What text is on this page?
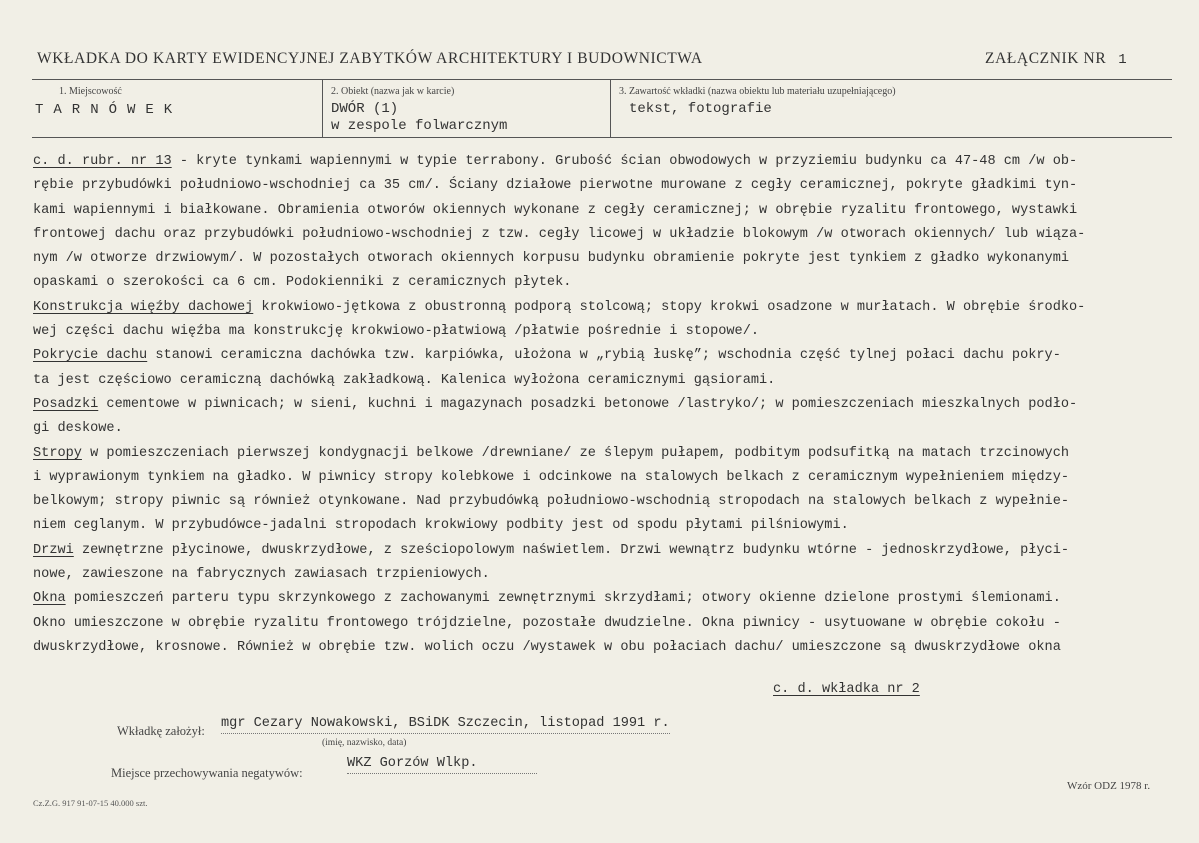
WKŁADKA DO KARTY EWIDENCYJNEJ ZABYTKÓW ARCHITEKTURY I BUDOWNICTWA	ZAŁĄCZNIK NR 1
1. Miejscowość
TARNÓWEK
2. Obiekt (nazwa jak w karcie)
DWÓR (1)
w zespole folwarcznym
3. Zawartość wkładki (nazwa obiektu lub materiału uzupełniającego)
tekst, fotografie
c. d. rubr. nr 13 - kryte tynkami wapiennymi w typie terrabony. Grubość ścian obwodowych w przyziemiu budynku ca 47-48 cm /w ob-
rębie przybudówki południowo-wschodniej ca 35 cm/. Ściany działowe pierwotne murowane z cegły ceramicznej, pokryte gładkimi tyn-
kami wapiennymi i białkowane. Obramienia otworów okiennych wykonane z cegły ceramicznej; w obrębie ryzalitu frontowego, wystawki
frontowej dachu oraz przybudówki południowo-wschodniej z tzw. cegły licowej w układzie blokowym /w otworach okiennych/ lub wiąza-
nym /w otworze drzwiowym/. W pozostałych otworach okiennych korpusu budynku obramienie pokryte jest tynkiem z gładko wykonanymi
opaskami o szerokości ca 6 cm. Podokienniki z ceramicznych płytek.
Konstrukcja więźby dachowej krokwiowo-jętkowa z obustronną podporą stolcową; stopy krokwi osadzone w murłatach. W obrębie środko-
wej części dachu więźba ma konstrukcję krokwiowo-płatwiową /płatwie pośrednie i stopowe/.
Pokrycie dachu stanowi ceramiczna dachówka tzw. karpiówka, ułożona w „rybią łuskę”; wschodnia część tylnej połaci dachu pokry-
ta jest częściowo ceramiczną dachówką zakładkową. Kalenica wyłożona ceramicznymi gąsiorami.
Posadzki cementowe w piwnicach; w sieni, kuchni i magazynach posadzki betonowe /lastryko/; w pomieszczeniach mieszkalnych podło-
gi deskowe.
Stropy w pomieszczeniach pierwszej kondygnacji belkowe /drewniane/ ze ślepym pułapem, podbitym podsufitką na matach trzcinowych
i wyprawionym tynkiem na gładko. W piwnicy stropy kolebkowe i odcinkowe na stalowych belkach z ceramicznym wypełnieniem między-
belkowym; stropy piwnic są również otynkowane. Nad przybudówką południowo-wschodnią stropodach na stalowych belkach z wypełnie-
niem ceglanym. W przybudówce-jadalni stropodach krokwiowy podbity jest od spodu płytami pilśniowymi.
Drzwi zewnętrzne płycinowe, dwuskrzydłowe, z sześciopolowym naświetlem. Drzwi wewnątrz budynku wtórne - jednoskrzydłowe, płyci-
nowe, zawieszone na fabrycznych zawiasach trzpieniowych.
Okna pomieszczeń parteru typu skrzynkowego z zachowanymi zewnętrznymi skrzydłami; otwory okienne dzielone prostymi ślemionami.
Okno umieszczone w obrębie ryzalitu frontowego trójdzielne, pozostałe dwudzielne. Okna piwnicy - usytuowane w obrębie cokołu -
dwuskrzydłowe, krosnowe. Również w obrębie tzw. wolich oczu /wystawek w obu połaciach dachu/ umieszczone są dwuskrzydłowe okna
c. d. wkładka nr 2
Wkładkę założył: mgr Cezary Nowakowski, BSiDK Szczecin, listopad 1991 r.
(imię, nazwisko, data)
Miejsce przechowywania negatywów:
WKZ Gorzów Wlkp.
Cz.Z.G. 917 91-07-15 40.000 szt.
Wzór ODZ 1978 r.
